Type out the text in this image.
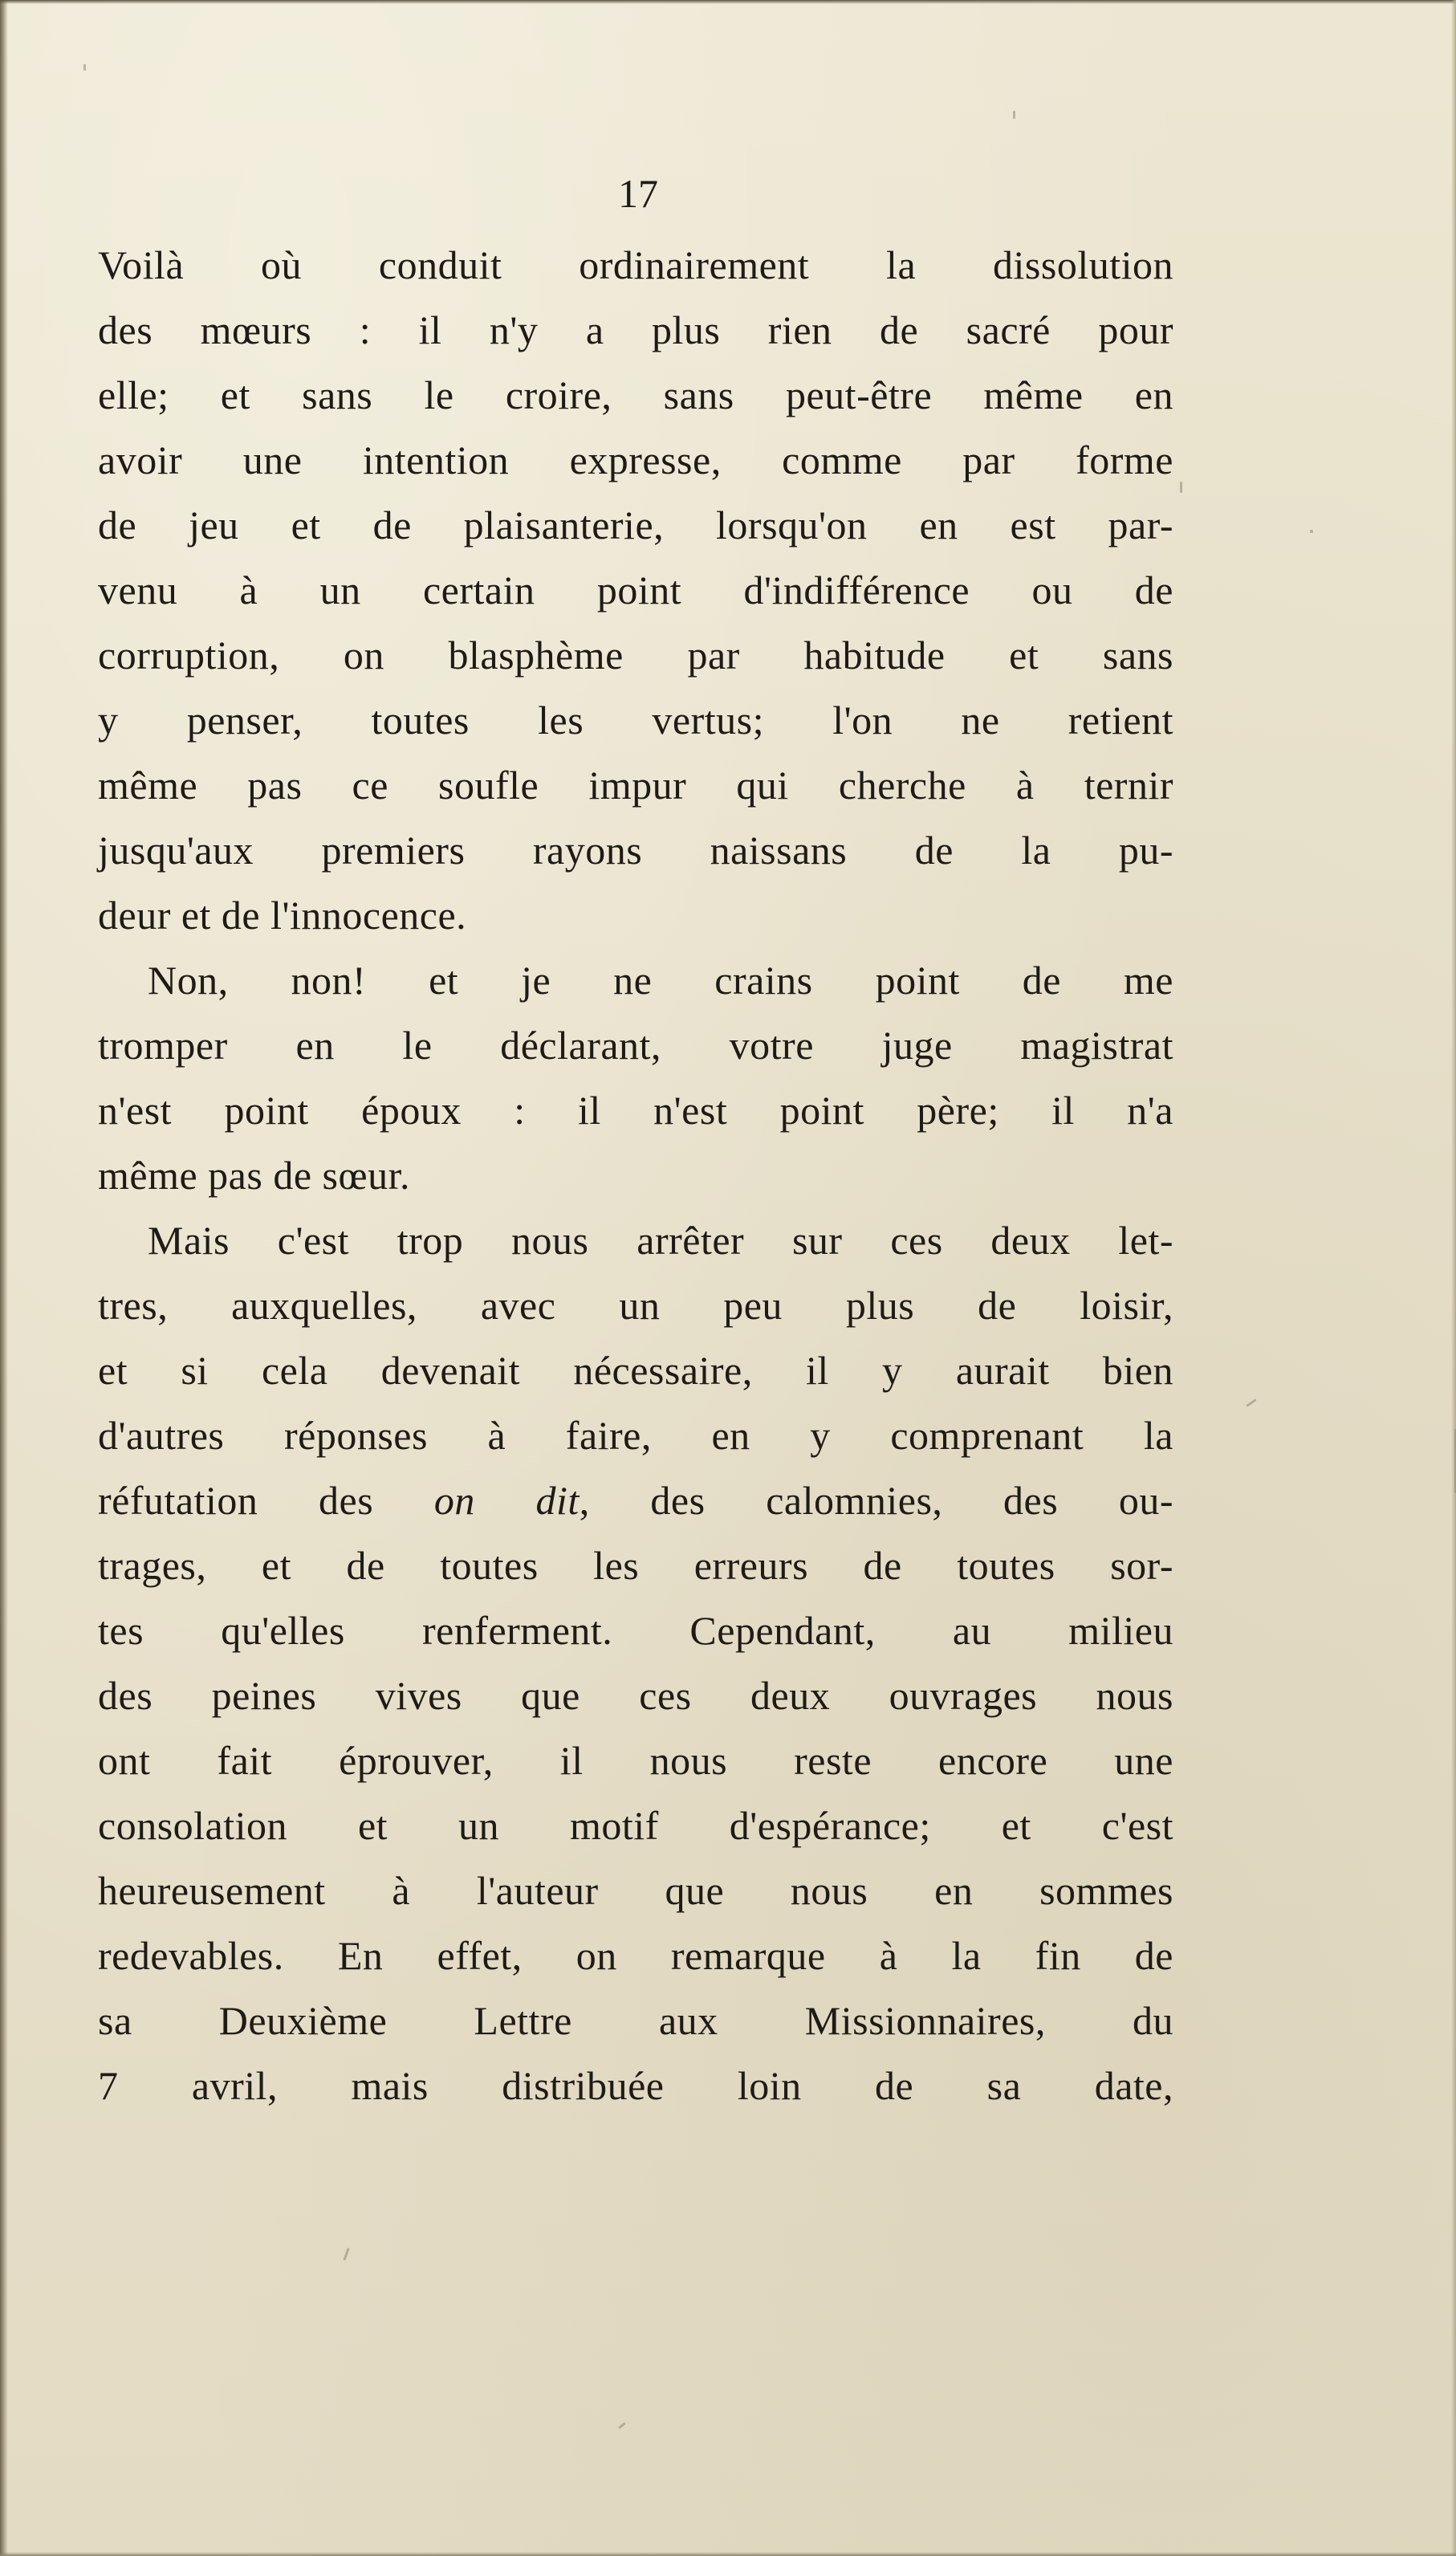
17
Voilà où conduit ordinairement la dissolution
des mœurs : il n'y a plus rien de sacré pour
elle; et sans le croire, sans peut-être même en
avoir une intention expresse, comme par forme
de jeu et de plaisanterie, lorsqu'on en est par-
venu à un certain point d'indifférence ou de
corruption, on blasphème par habitude et sans
y penser, toutes les vertus; l'on ne retient
même pas ce soufle impur qui cherche à ternir
jusqu'aux premiers rayons naissans de la pu-
deur et de l'innocence.
Non, non! et je ne crains point de me
tromper en le déclarant, votre juge magistrat
n'est point époux : il n'est point père; il n'a
même pas de sœur.
Mais c'est trop nous arrêter sur ces deux let-
tres, auxquelles, avec un peu plus de loisir,
et si cela devenait nécessaire, il y aurait bien
d'autres réponses à faire, en y comprenant la
réfutation des on dit, des calomnies, des ou-
trages, et de toutes les erreurs de toutes sor-
tes qu'elles renferment. Cependant, au milieu
des peines vives que ces deux ouvrages nous
ont fait éprouver, il nous reste encore une
consolation et un motif d'espérance; et c'est
heureusement à l'auteur que nous en sommes
redevables. En effet, on remarque à la fin de
sa Deuxième Lettre aux Missionnaires, du
7 avril, mais distribuée loin de sa date,
